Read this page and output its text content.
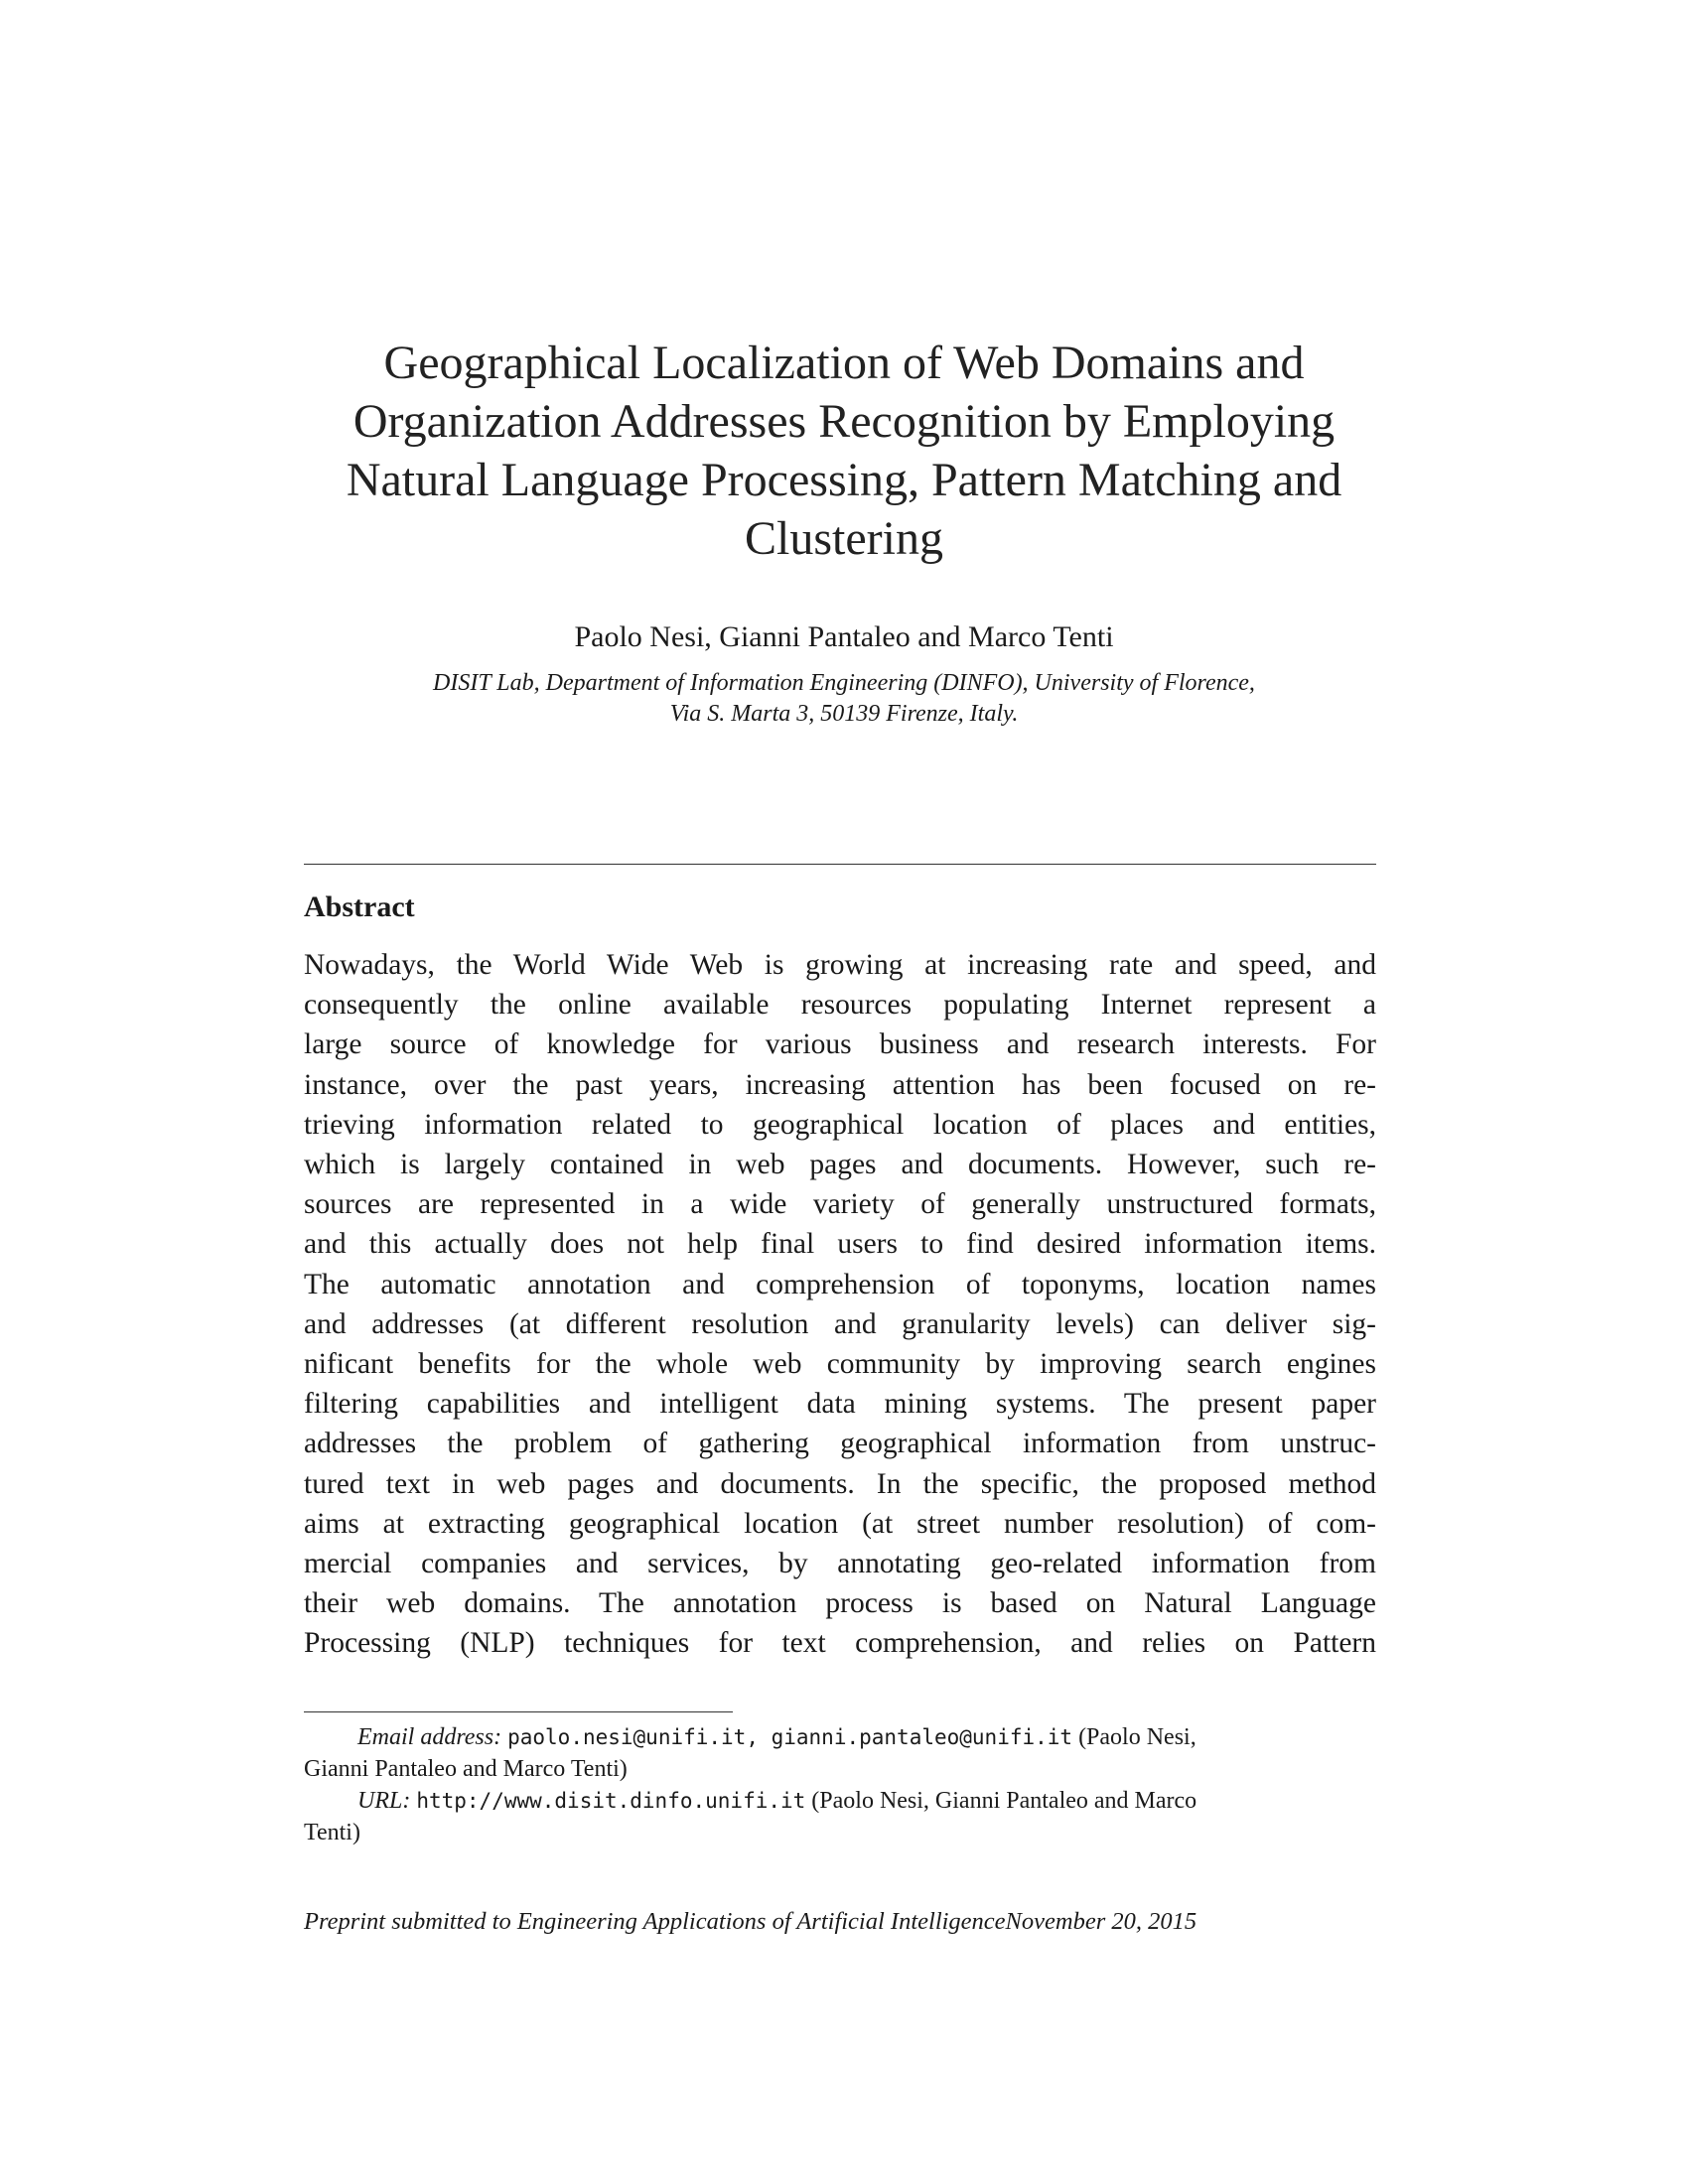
Geographical Localization of Web Domains and
Organization Addresses Recognition by Employing
Natural Language Processing, Pattern Matching and
Clustering

Paolo Nesi, Gianni Pantaleo and Marco Tenti

DISIT Lab, Department of Information Engineering (DINFO), University of Florence,
Via S. Marta 3, 50139 Firenze, Italy.

Abstract
Nowadays, the World Wide Web is growing at increasing rate and speed, and
consequently the online available resources populating Internet represent a
large source of knowledge for various business and research interests. For
instance, over the past years, increasing attention has been focused on re-
trieving information related to geographical location of places and entities,
which is largely contained in web pages and documents. However, such re-
sources are represented in a wide variety of generally unstructured formats,
and this actually does not help final users to find desired information items.
The automatic annotation and comprehension of toponyms, location names
and addresses (at different resolution and granularity levels) can deliver sig-
nificant benefits for the whole web community by improving search engines
filtering capabilities and intelligent data mining systems. The present paper
addresses the problem of gathering geographical information from unstruc-
tured text in web pages and documents. In the specific, the proposed method
aims at extracting geographical location (at street number resolution) of com-
mercial companies and services, by annotating geo-related information from
their web domains. The annotation process is based on Natural Language
Processing (NLP) techniques for text comprehension, and relies on Pattern

Email address: paolo.nesi@unifi.it, gianni.pantaleo@unifi.it (Paolo Nesi,
Gianni Pantaleo and Marco Tenti)

URL: http://www.disit.dinfo.unifi.it (Paolo Nesi, Gianni Pantaleo and Marco
Tenti)

Preprint submitted to Engineering Applications of Artificial IntelligenceNovember 20, 2015
